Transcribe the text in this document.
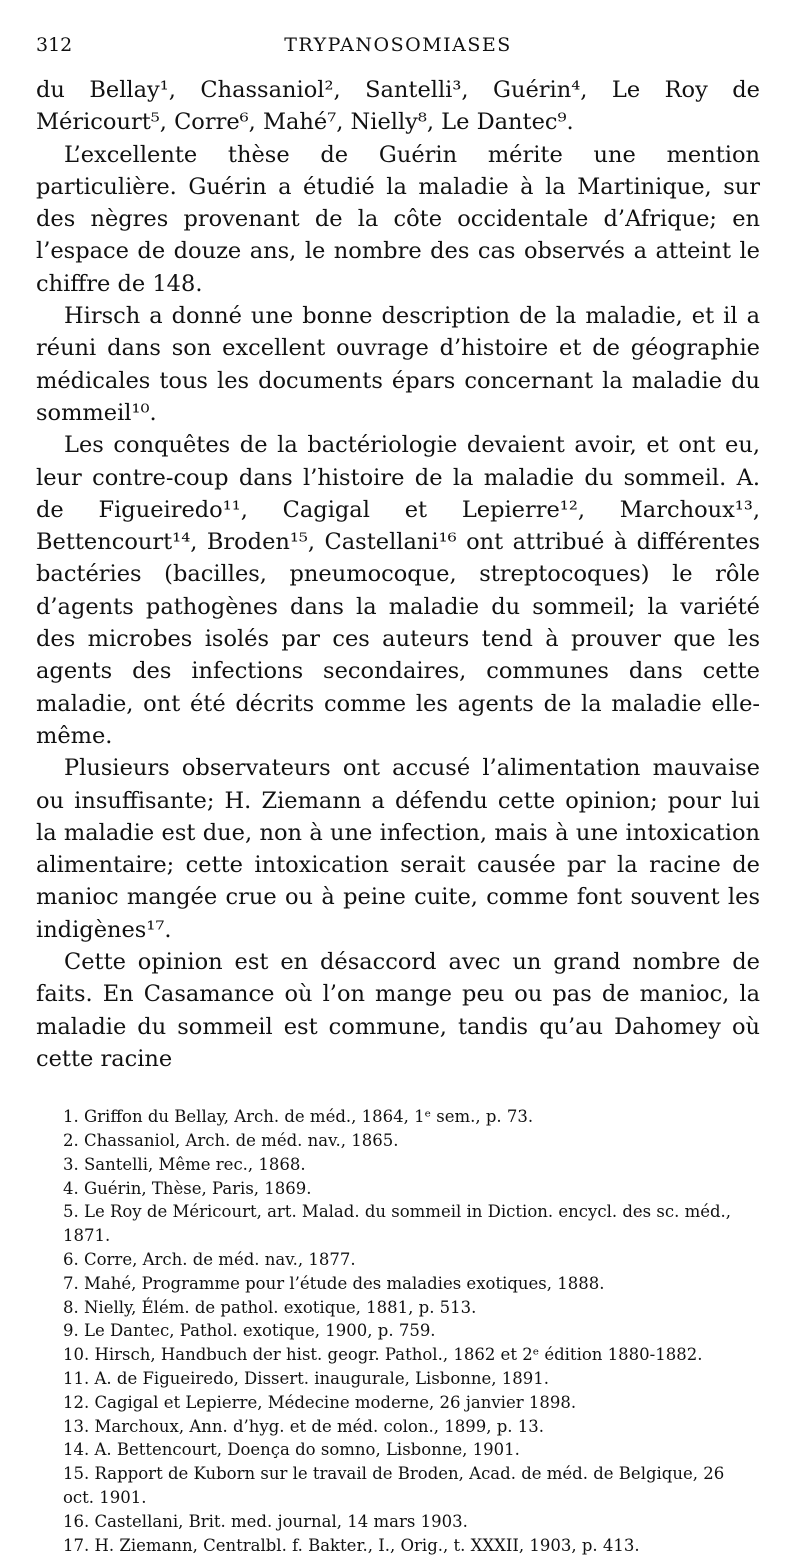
312	TRYPANOSOMIASES

du Bellay¹, Chassaniol², Santelli³, Guérin⁴, Le Roy de Méricourt⁵, Corre⁶, Mahé⁷, Nielly⁸, Le Dantec⁹.

L’excellente thèse de Guérin mérite une mention particulière. Guérin a étudié la maladie à la Martinique, sur des nègres provenant de la côte occidentale d’Afrique; en l’espace de douze ans, le nombre des cas observés a atteint le chiffre de 148.

Hirsch a donné une bonne description de la maladie, et il a réuni dans son excellent ouvrage d’histoire et de géographie médicales tous les documents épars concernant la maladie du sommeil¹⁰.

Les conquêtes de la bactériologie devaient avoir, et ont eu, leur contre-coup dans l’histoire de la maladie du sommeil. A. de Figueiredo¹¹, Cagigal et Lepierre¹², Marchoux¹³, Bettencourt¹⁴, Broden¹⁵, Castellani¹⁶ ont attribué à différentes bactéries (bacilles, pneumocoque, streptocoques) le rôle d’agents pathogènes dans la maladie du sommeil; la variété des microbes isolés par ces auteurs tend à prouver que les agents des infections secondaires, communes dans cette maladie, ont été décrits comme les agents de la maladie elle-même.

Plusieurs observateurs ont accusé l’alimentation mauvaise ou insuffisante; H. Ziemann a défendu cette opinion; pour lui la maladie est due, non à une infection, mais à une intoxication alimentaire; cette intoxication serait causée par la racine de manioc mangée crue ou à peine cuite, comme font souvent les indigènes¹⁷.

Cette opinion est en désaccord avec un grand nombre de faits. En Casamance où l’on mange peu ou pas de manioc, la maladie du sommeil est commune, tandis qu’au Dahomey où cette racine

1. Griffon du Bellay, Arch. de méd., 1864, 1ᵉ sem., p. 73.
2. Chassaniol, Arch. de méd. nav., 1865.
3. Santelli, Même rec., 1868.
4. Guérin, Thèse, Paris, 1869.
5. Le Roy de Méricourt, art. Malad. du sommeil in Diction. encycl. des sc. méd., 1871.
6. Corre, Arch. de méd. nav., 1877.
7. Mahé, Programme pour l’étude des maladies exotiques, 1888.
8. Nielly, Élém. de pathol. exotique, 1881, p. 513.
9. Le Dantec, Pathol. exotique, 1900, p. 759.
10. Hirsch, Handbuch der hist. geogr. Pathol., 1862 et 2ᵉ édition 1880-1882.
11. A. de Figueiredo, Dissert. inaugurale, Lisbonne, 1891.
12. Cagigal et Lepierre, Médecine moderne, 26 janvier 1898.
13. Marchoux, Ann. d’hyg. et de méd. colon., 1899, p. 13.
14. A. Bettencourt, Doença do somno, Lisbonne, 1901.
15. Rapport de Kuborn sur le travail de Broden, Acad. de méd. de Belgique, 26 oct. 1901.
16. Castellani, Brit. med. journal, 14 mars 1903.
17. H. Ziemann, Centralbl. f. Bakter., I., Orig., t. XXXII, 1903, p. 413.
